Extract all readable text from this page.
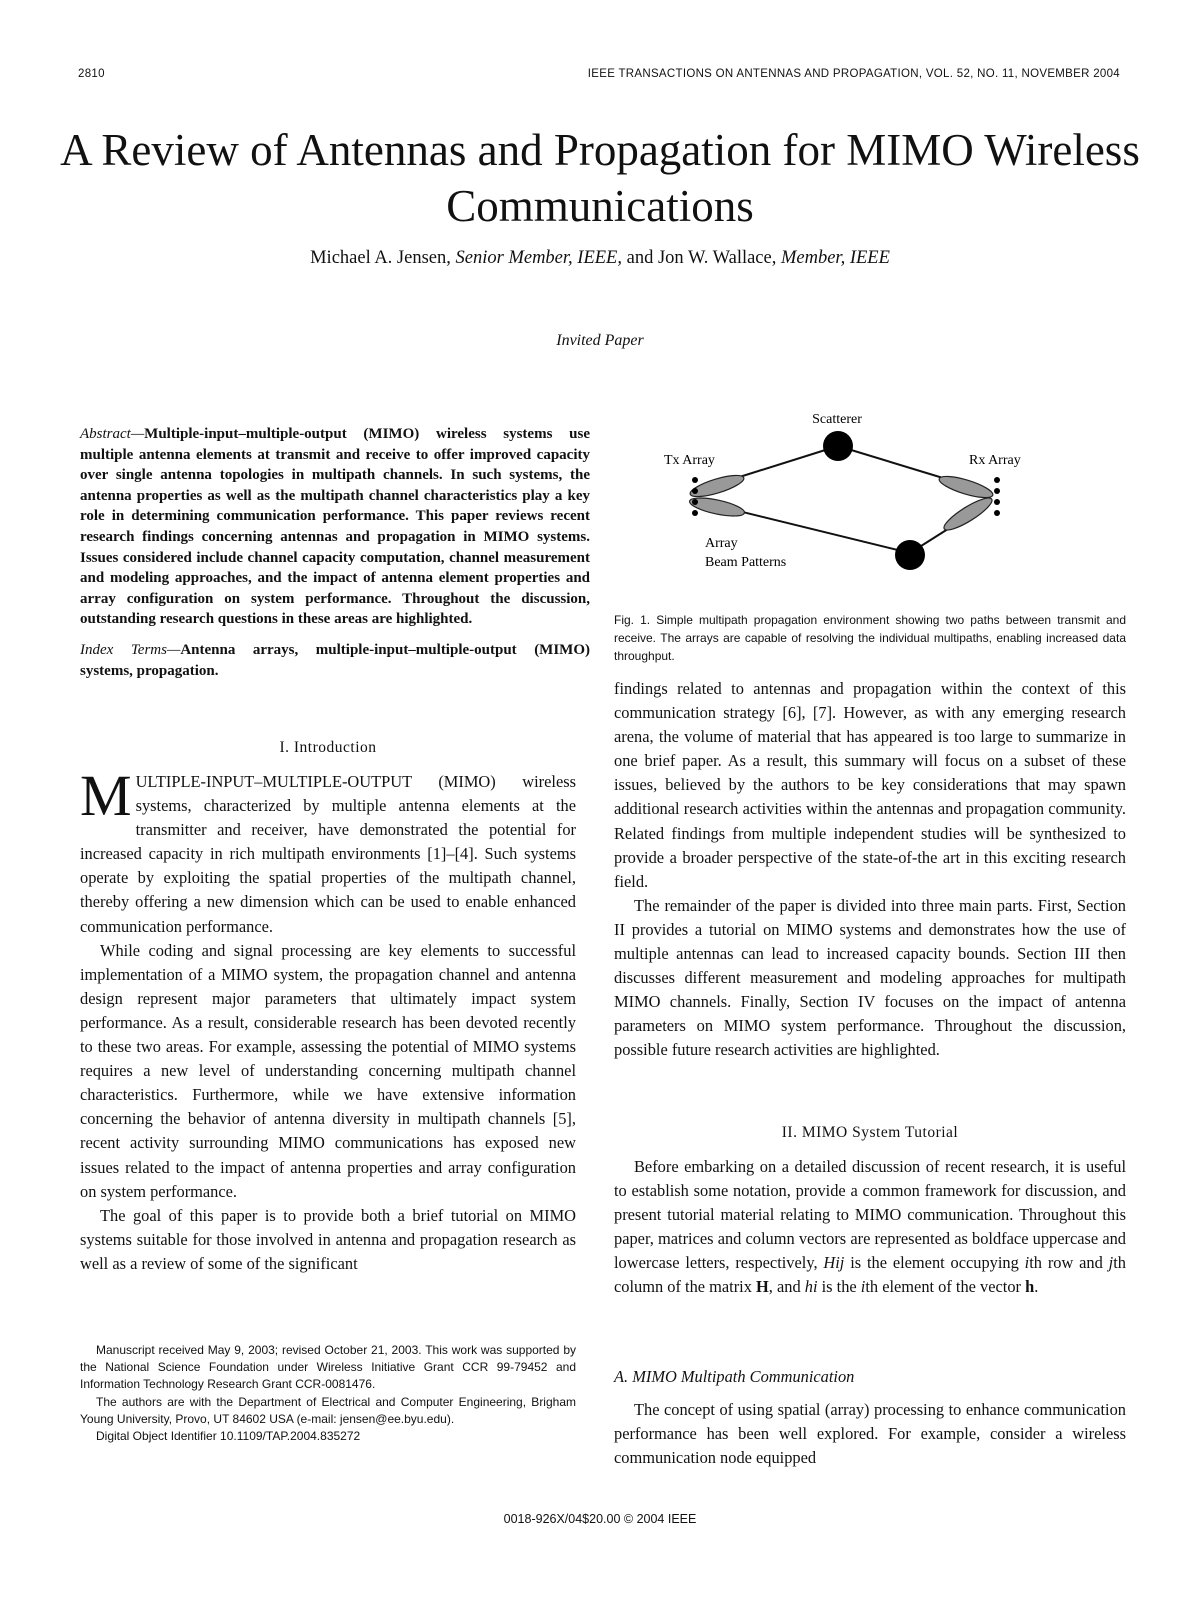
2810	IEEE TRANSACTIONS ON ANTENNAS AND PROPAGATION, VOL. 52, NO. 11, NOVEMBER 2004
A Review of Antennas and Propagation for MIMO Wireless Communications
Michael A. Jensen, Senior Member, IEEE, and Jon W. Wallace, Member, IEEE
Invited Paper

Abstract—Multiple-input–multiple-output (MIMO) wireless systems use multiple antenna elements at transmit and receive to offer improved capacity over single antenna topologies in multipath channels. In such systems, the antenna properties as well as the multipath channel characteristics play a key role in determining communication performance. This paper reviews recent research findings concerning antennas and propagation in MIMO systems. Issues considered include channel capacity computation, channel measurement and modeling approaches, and the impact of antenna element properties and array configuration on system performance. Throughout the discussion, outstanding research questions in these areas are highlighted.

Index Terms—Antenna arrays, multiple-input–multiple-output (MIMO) systems, propagation.

I. Introduction

MULTIPLE-INPUT–MULTIPLE-OUTPUT (MIMO) wireless systems, characterized by multiple antenna elements at the transmitter and receiver, have demonstrated the potential for increased capacity in rich multipath environments [1]–[4]. Such systems operate by exploiting the spatial properties of the multipath channel, thereby offering a new dimension which can be used to enable enhanced communication performance.

While coding and signal processing are key elements to successful implementation of a MIMO system, the propagation channel and antenna design represent major parameters that ultimately impact system performance. As a result, considerable research has been devoted recently to these two areas. For example, assessing the potential of MIMO systems requires a new level of understanding concerning multipath channel characteristics. Furthermore, while we have extensive information concerning the behavior of antenna diversity in multipath channels [5], recent activity surrounding MIMO communications has exposed new issues related to the impact of antenna properties and array configuration on system performance.

The goal of this paper is to provide both a brief tutorial on MIMO systems suitable for those involved in antenna and propagation research as well as a review of some of the significant

Manuscript received May 9, 2003; revised October 21, 2003. This work was supported by the National Science Foundation under Wireless Initiative Grant CCR 99-79452 and Information Technology Research Grant CCR-0081476.

The authors are with the Department of Electrical and Computer Engineering, Brigham Young University, Provo, UT 84602 USA (e-mail: jensen@ee.byu.edu).

Digital Object Identifier 10.1109/TAP.2004.835272

Scatterer
Tx Array	Rx Array
Array
Beam Patterns
Fig. 1. Simple multipath propagation environment showing two paths between transmit and receive. The arrays are capable of resolving the individual multipaths, enabling increased data throughput.

findings related to antennas and propagation within the context of this communication strategy [6], [7]. However, as with any emerging research arena, the volume of material that has appeared is too large to summarize in one brief paper. As a result, this summary will focus on a subset of these issues, believed by the authors to be key considerations that may spawn additional research activities within the antennas and propagation community. Related findings from multiple independent studies will be synthesized to provide a broader perspective of the state-of-the art in this exciting research field.

The remainder of the paper is divided into three main parts. First, Section II provides a tutorial on MIMO systems and demonstrates how the use of multiple antennas can lead to increased capacity bounds. Section III then discusses different measurement and modeling approaches for multipath MIMO channels. Finally, Section IV focuses on the impact of antenna parameters on MIMO system performance. Throughout the discussion, possible future research activities are highlighted.

II. MIMO System Tutorial

Before embarking on a detailed discussion of recent research, it is useful to establish some notation, provide a common framework for discussion, and present tutorial material relating to MIMO communication. Throughout this paper, matrices and column vectors are represented as boldface uppercase and lowercase letters, respectively, Hij is the element occupying ith row and jth column of the matrix H, and hi is the ith element of the vector h.

A. MIMO Multipath Communication

The concept of using spatial (array) processing to enhance communication performance has been well explored. For example, consider a wireless communication node equipped

0018-926X/04$20.00 © 2004 IEEE
